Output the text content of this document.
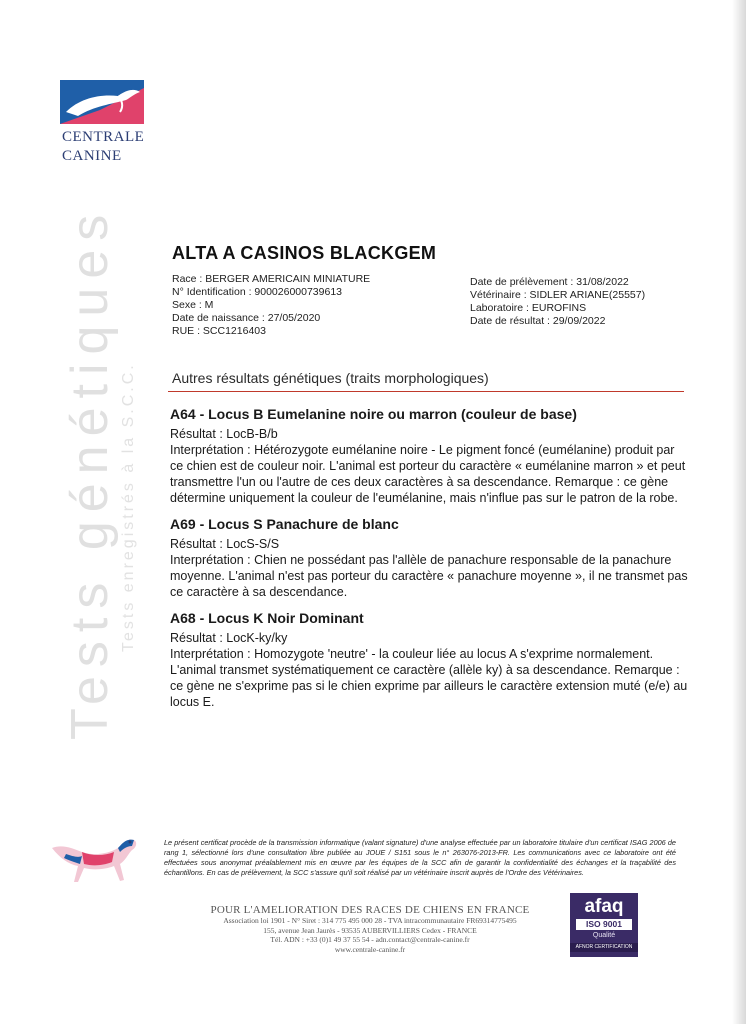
CENTRALE
CANINE
Tests génétiques Tests enregistrés à la S.C.C.
ALTA A CASINOS BLACKGEM
Race : BERGER AMERICAIN MINIATURE
N° Identification : 900026000739613
Sexe : M
Date de naissance : 27/05/2020
RUE : SCC1216403
Date de prélèvement : 31/08/2022
Vétérinaire : SIDLER ARIANE(25557)
Laboratoire : EUROFINS
Date de résultat : 29/09/2022
Autres résultats génétiques (traits morphologiques)
A64 - Locus B Eumelanine noire ou marron (couleur de base)
Résultat : LocB-B/b
Interprétation : Hétérozygote eumélanine noire - Le pigment foncé (eumélanine) produit par ce chien est de couleur noir. L'animal est porteur du caractère « eumélanine marron » et peut transmettre l'un ou l'autre de ces deux caractères à sa descendance. Remarque : ce gène détermine uniquement la couleur de l'eumélanine, mais n'influe pas sur le patron de la robe.
A69 - Locus S Panachure de blanc
Résultat : LocS-S/S
Interprétation : Chien ne possédant pas l'allèle de panachure responsable de la panachure moyenne. L'animal n'est pas porteur du caractère « panachure moyenne », il ne transmet pas ce caractère à sa descendance.
A68 - Locus K Noir Dominant
Résultat : LocK-ky/ky
Interprétation : Homozygote 'neutre' - la couleur liée au locus A s'exprime normalement. L'animal transmet systématiquement ce caractère (allèle ky) à sa descendance. Remarque : ce gène ne s'exprime pas si le chien exprime par ailleurs le caractère extension muté (e/e) au locus E.
Le présent certificat procède de la transmission informatique (valant signature) d'une analyse effectuée par un laboratoire titulaire d'un certificat ISAG 2006 de rang 1, sélectionné lors d'une consultation libre publiée au JOUE / S151 sous le n° 263076-2013-FR. Les communications avec ce laboratoire ont été effectuées sous anonymat préalablement mis en œuvre par les équipes de la SCC afin de garantir la confidentialité des échanges et la traçabilité des échantillons. En cas de prélèvement, la SCC s'assure qu'il soit réalisé par un vétérinaire inscrit auprès de l'Ordre des Vétérinaires.
POUR L'AMELIORATION DES RACES DE CHIENS EN FRANCE
Association loi 1901 - N° Siret : 314 775 495 000 28 - TVA intracommunautaire FR69314775495
155, avenue Jean Jaurès - 93535 AUBERVILLIERS Cedex - FRANCE
Tél. ADN : +33 (0)1 49 37 55 54 - adn.contact@centrale-canine.fr
www.centrale-canine.fr
afaq
ISO 9001
Qualité
AFNOR CERTIFICATION
